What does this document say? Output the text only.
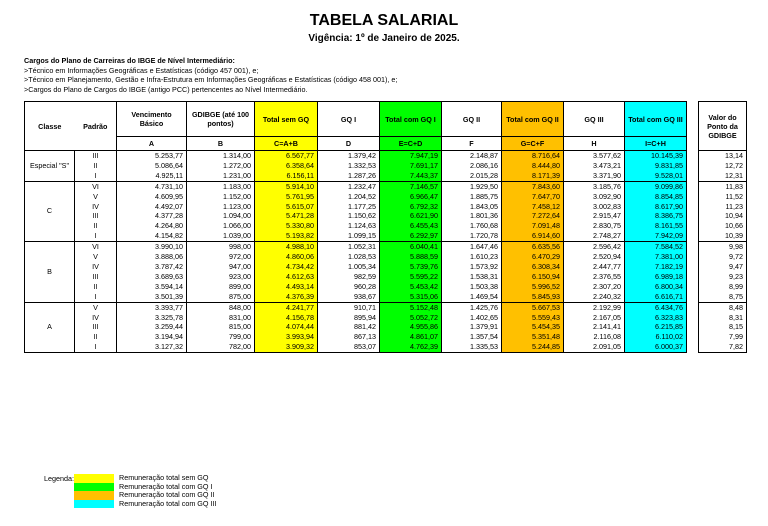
TABELA SALARIAL
Vigência: 1º de Janeiro de 2025.
Cargos do Plano de Carreiras do IBGE de Nível Intermediário:
>Técnico em Informações Geográficas e Estatísticas (código 457 001), e;
>Técnico em Planejamento, Gestão e Infra-Estrutura em Informações Geográficas e Estatísticas (código 458 001), e;
>Cargos do Plano de Cargos do IBGE (antigo PCC) pertencentes ao Nível Intermediário.
Classe	Padrão	Vencimento Básico	GDIBGE (até 100 pontos)	Total sem GQ	GQ I	Total com GQ I	GQ II	Total com GQ II	GQ III	Total com GQ III		Valor do Ponto da GDIBGE
		A	B	C=A+B	D	E=C+D	F	G=C+F	H	I=C+H		
Especial "S"	III	5.253,77	1.314,00	6.567,77	1.379,42	7.947,19	2.148,87	8.716,64	3.577,62	10.145,39		13,14
	II	5.086,64	1.272,00	6.358,64	1.332,53	7.691,17	2.086,16	8.444,80	3.473,21	9.831,85		12,72
	I	4.925,11	1.231,00	6.156,11	1.287,26	7.443,37	2.015,28	8.171,39	3.371,90	9.528,01		12,31
C	VI	4.731,10	1.183,00	5.914,10	1.232,47	7.146,57	1.929,50	7.843,60	3.185,76	9.099,86		11,83
	V	4.609,95	1.152,00	5.761,95	1.204,52	6.966,47	1.885,75	7.647,70	3.092,90	8.854,85		11,52
	IV	4.492,07	1.123,00	5.615,07	1.177,25	6.792,32	1.843,05	7.458,12	3.002,83	8.617,90		11,23
	III	4.377,28	1.094,00	5.471,28	1.150,62	6.621,90	1.801,36	7.272,64	2.915,47	8.386,75		10,94
	II	4.264,80	1.066,00	5.330,80	1.124,63	6.455,43	1.760,68	7.091,48	2.830,75	8.161,55		10,66
	I	4.154,82	1.039,00	5.193,82	1.099,15	6.292,97	1.720,78	6.914,60	2.748,27	7.942,09		10,39
B	VI	3.990,10	998,00	4.988,10	1.052,31	6.040,41	1.647,46	6.635,56	2.596,42	7.584,52		9,98
	V	3.888,06	972,00	4.860,06	1.028,53	5.888,59	1.610,23	6.470,29	2.520,94	7.381,00		9,72
	IV	3.787,42	947,00	4.734,42	1.005,34	5.739,76	1.573,92	6.308,34	2.447,77	7.182,19		9,47
	III	3.689,63	923,00	4.612,63	982,59	5.595,22	1.538,31	6.150,94	2.376,55	6.989,18		9,23
	II	3.594,14	899,00	4.493,14	960,28	5.453,42	1.503,38	5.996,52	2.307,20	6.800,34		8,99
	I	3.501,39	875,00	4.376,39	938,67	5.315,06	1.469,54	5.845,93	2.240,32	6.616,71		8,75
A	V	3.393,77	848,00	4.241,77	910,71	5.152,48	1.425,76	5.667,53	2.192,99	6.434,76		8,48
	IV	3.325,78	831,00	4.156,78	895,94	5.052,72	1.402,65	5.559,43	2.167,05	6.323,83		8,31
	III	3.259,44	815,00	4.074,44	881,42	4.955,86	1.379,91	5.454,35	2.141,41	6.215,85		8,15
	II	3.194,94	799,00	3.993,94	867,13	4.861,07	1.357,54	5.351,48	2.116,08	6.110,02		7,99
	I	3.127,32	782,00	3.909,32	853,07	4.762,39	1.335,53	5.244,85	2.091,05	6.000,37		7,82
Legenda:	Remuneração total sem GQ
Remuneração total com GQ I
Remuneração total com GQ II
Remuneração total com GQ III
